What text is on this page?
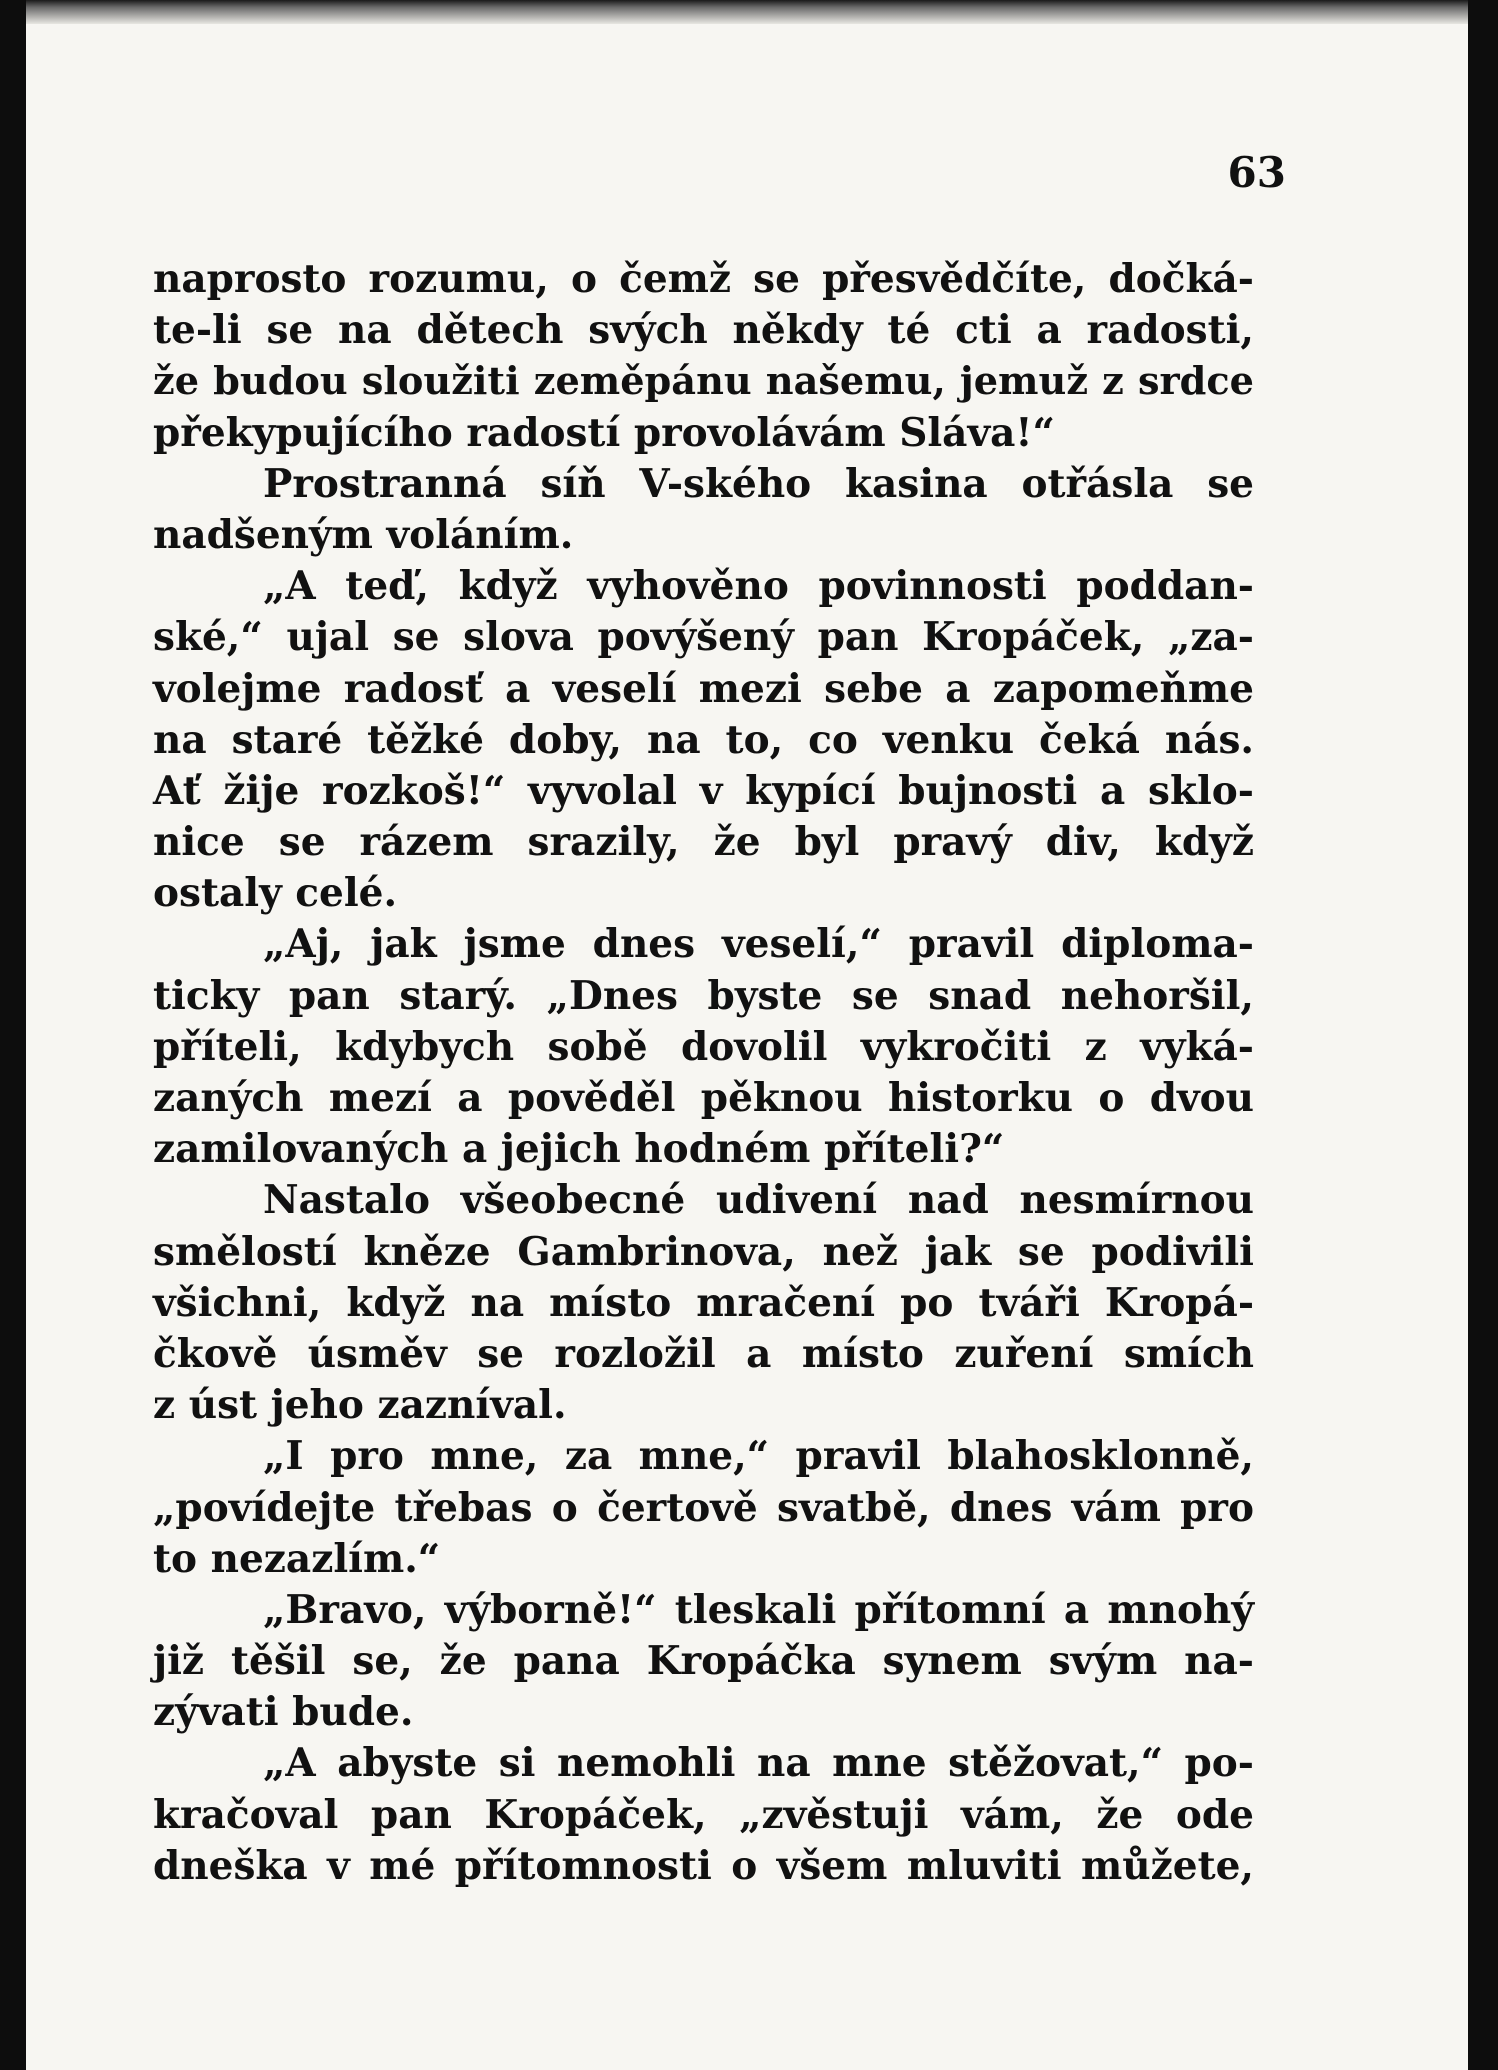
63
naprosto rozumu, o čemž se přesvědčíte, dočká-
te-li se na dětech svých někdy té cti a radosti,
že budou sloužiti zeměpánu našemu, jemuž z srdce
překypujícího radostí provolávám Sláva!“
Prostranná síň V-ského kasina otřásla se
nadšeným voláním.
„A teď, když vyhověno povinnosti poddan-
ské,“ ujal se slova povýšený pan Kropáček, „za-
volejme radosť a veselí mezi sebe a zapomeňme
na staré těžké doby, na to, co venku čeká nás.
Ať žije rozkoš!“ vyvolal v kypící bujnosti a sklo-
nice se rázem srazily, že byl pravý div, když
ostaly celé.
„Aj, jak jsme dnes veselí,“ pravil diploma-
ticky pan starý. „Dnes byste se snad nehoršil,
příteli, kdybych sobě dovolil vykročiti z vyká-
zaných mezí a pověděl pěknou historku o dvou
zamilovaných a jejich hodném příteli?“
Nastalo všeobecné udivení nad nesmírnou
smělostí kněze Gambrinova, než jak se podivili
všichni, když na místo mračení po tváři Kropá-
čkově úsměv se rozložil a místo zuření smích
z úst jeho zazníval.
„I pro mne, za mne,“ pravil blahosklonně,
„povídejte třebas o čertově svatbě, dnes vám pro
to nezazlím.“
„Bravo, výborně!“ tleskali přítomní a mnohý
již těšil se, že pana Kropáčka synem svým na-
zývati bude.
„A abyste si nemohli na mne stěžovat,“ po-
kračoval pan Kropáček, „zvěstuji vám, že ode
dneška v mé přítomnosti o všem mluviti můžete,
